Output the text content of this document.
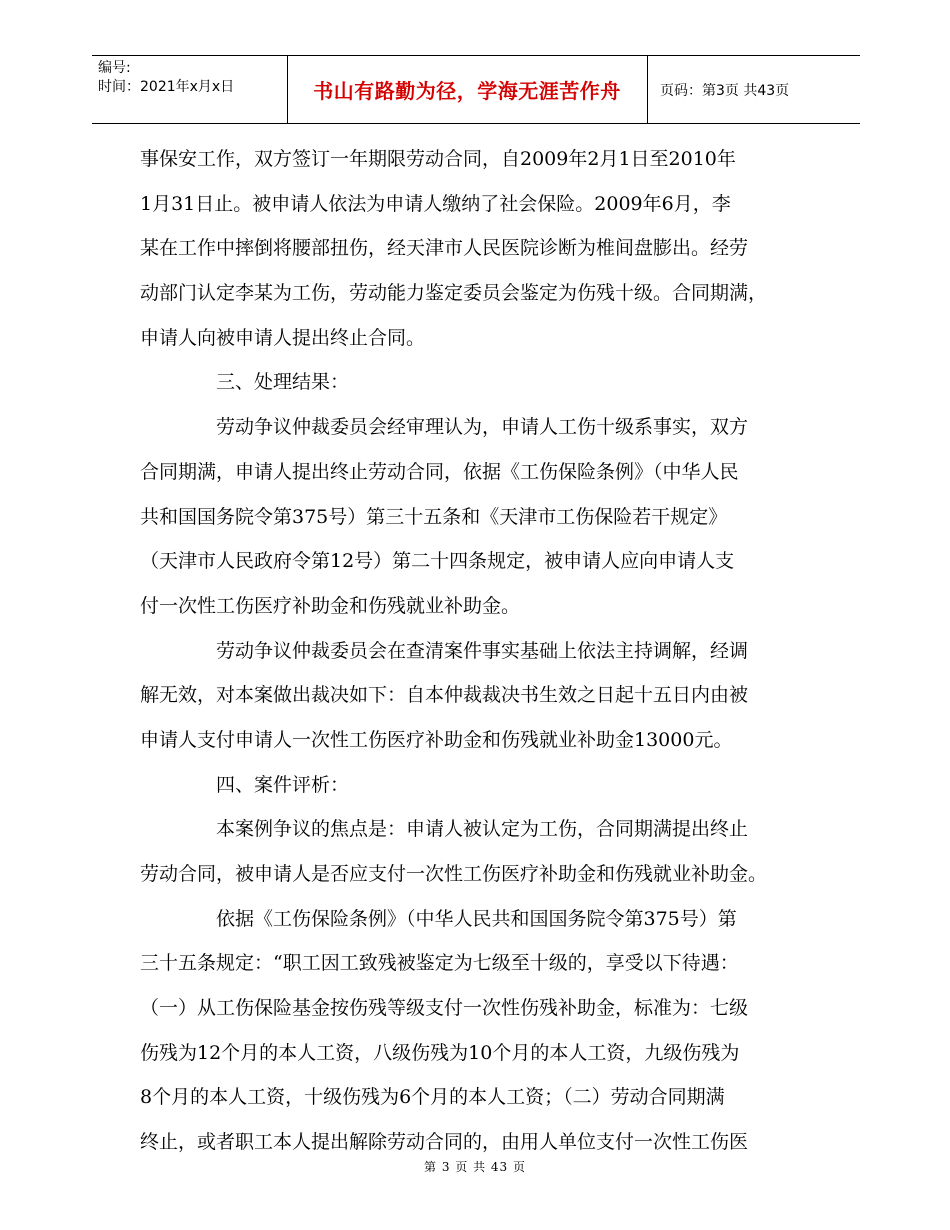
编号:
时间：2021年x月x日	书山有路勤为径，学海无涯苦作舟	页码：第3页 共43页
事保安工作，双方签订一年期限劳动合同，自2009年2月1日至2010年
1月31日止。被申请人依法为申请人缴纳了社会保险。2009年6月，李
某在工作中摔倒将腰部扭伤，经天津市人民医院诊断为椎间盘膨出。经劳
动部门认定李某为工伤，劳动能力鉴定委员会鉴定为伤残十级。合同期满，
申请人向被申请人提出终止合同。
三、处理结果：
劳动争议仲裁委员会经审理认为，申请人工伤十级系事实，双方
合同期满，申请人提出终止劳动合同，依据《工伤保险条例》（中华人民
共和国国务院令第375号）第三十五条和《天津市工伤保险若干规定》
（天津市人民政府令第12号）第二十四条规定，被申请人应向申请人支
付一次性工伤医疗补助金和伤残就业补助金。
劳动争议仲裁委员会在查清案件事实基础上依法主持调解，经调
解无效，对本案做出裁决如下：自本仲裁裁决书生效之日起十五日内由被
申请人支付申请人一次性工伤医疗补助金和伤残就业补助金13000元。
四、案件评析：
本案例争议的焦点是：申请人被认定为工伤，合同期满提出终止
劳动合同，被申请人是否应支付一次性工伤医疗补助金和伤残就业补助金。
依据《工伤保险条例》（中华人民共和国国务院令第375号）第
三十五条规定：“职工因工致残被鉴定为七级至十级的，享受以下待遇：
（一）从工伤保险基金按伤残等级支付一次性伤残补助金，标准为：七级
伤残为12个月的本人工资，八级伤残为10个月的本人工资，九级伤残为
8个月的本人工资，十级伤残为6个月的本人工资；（二）劳动合同期满
终止，或者职工本人提出解除劳动合同的，由用人单位支付一次性工伤医
第 3 页 共 43 页
